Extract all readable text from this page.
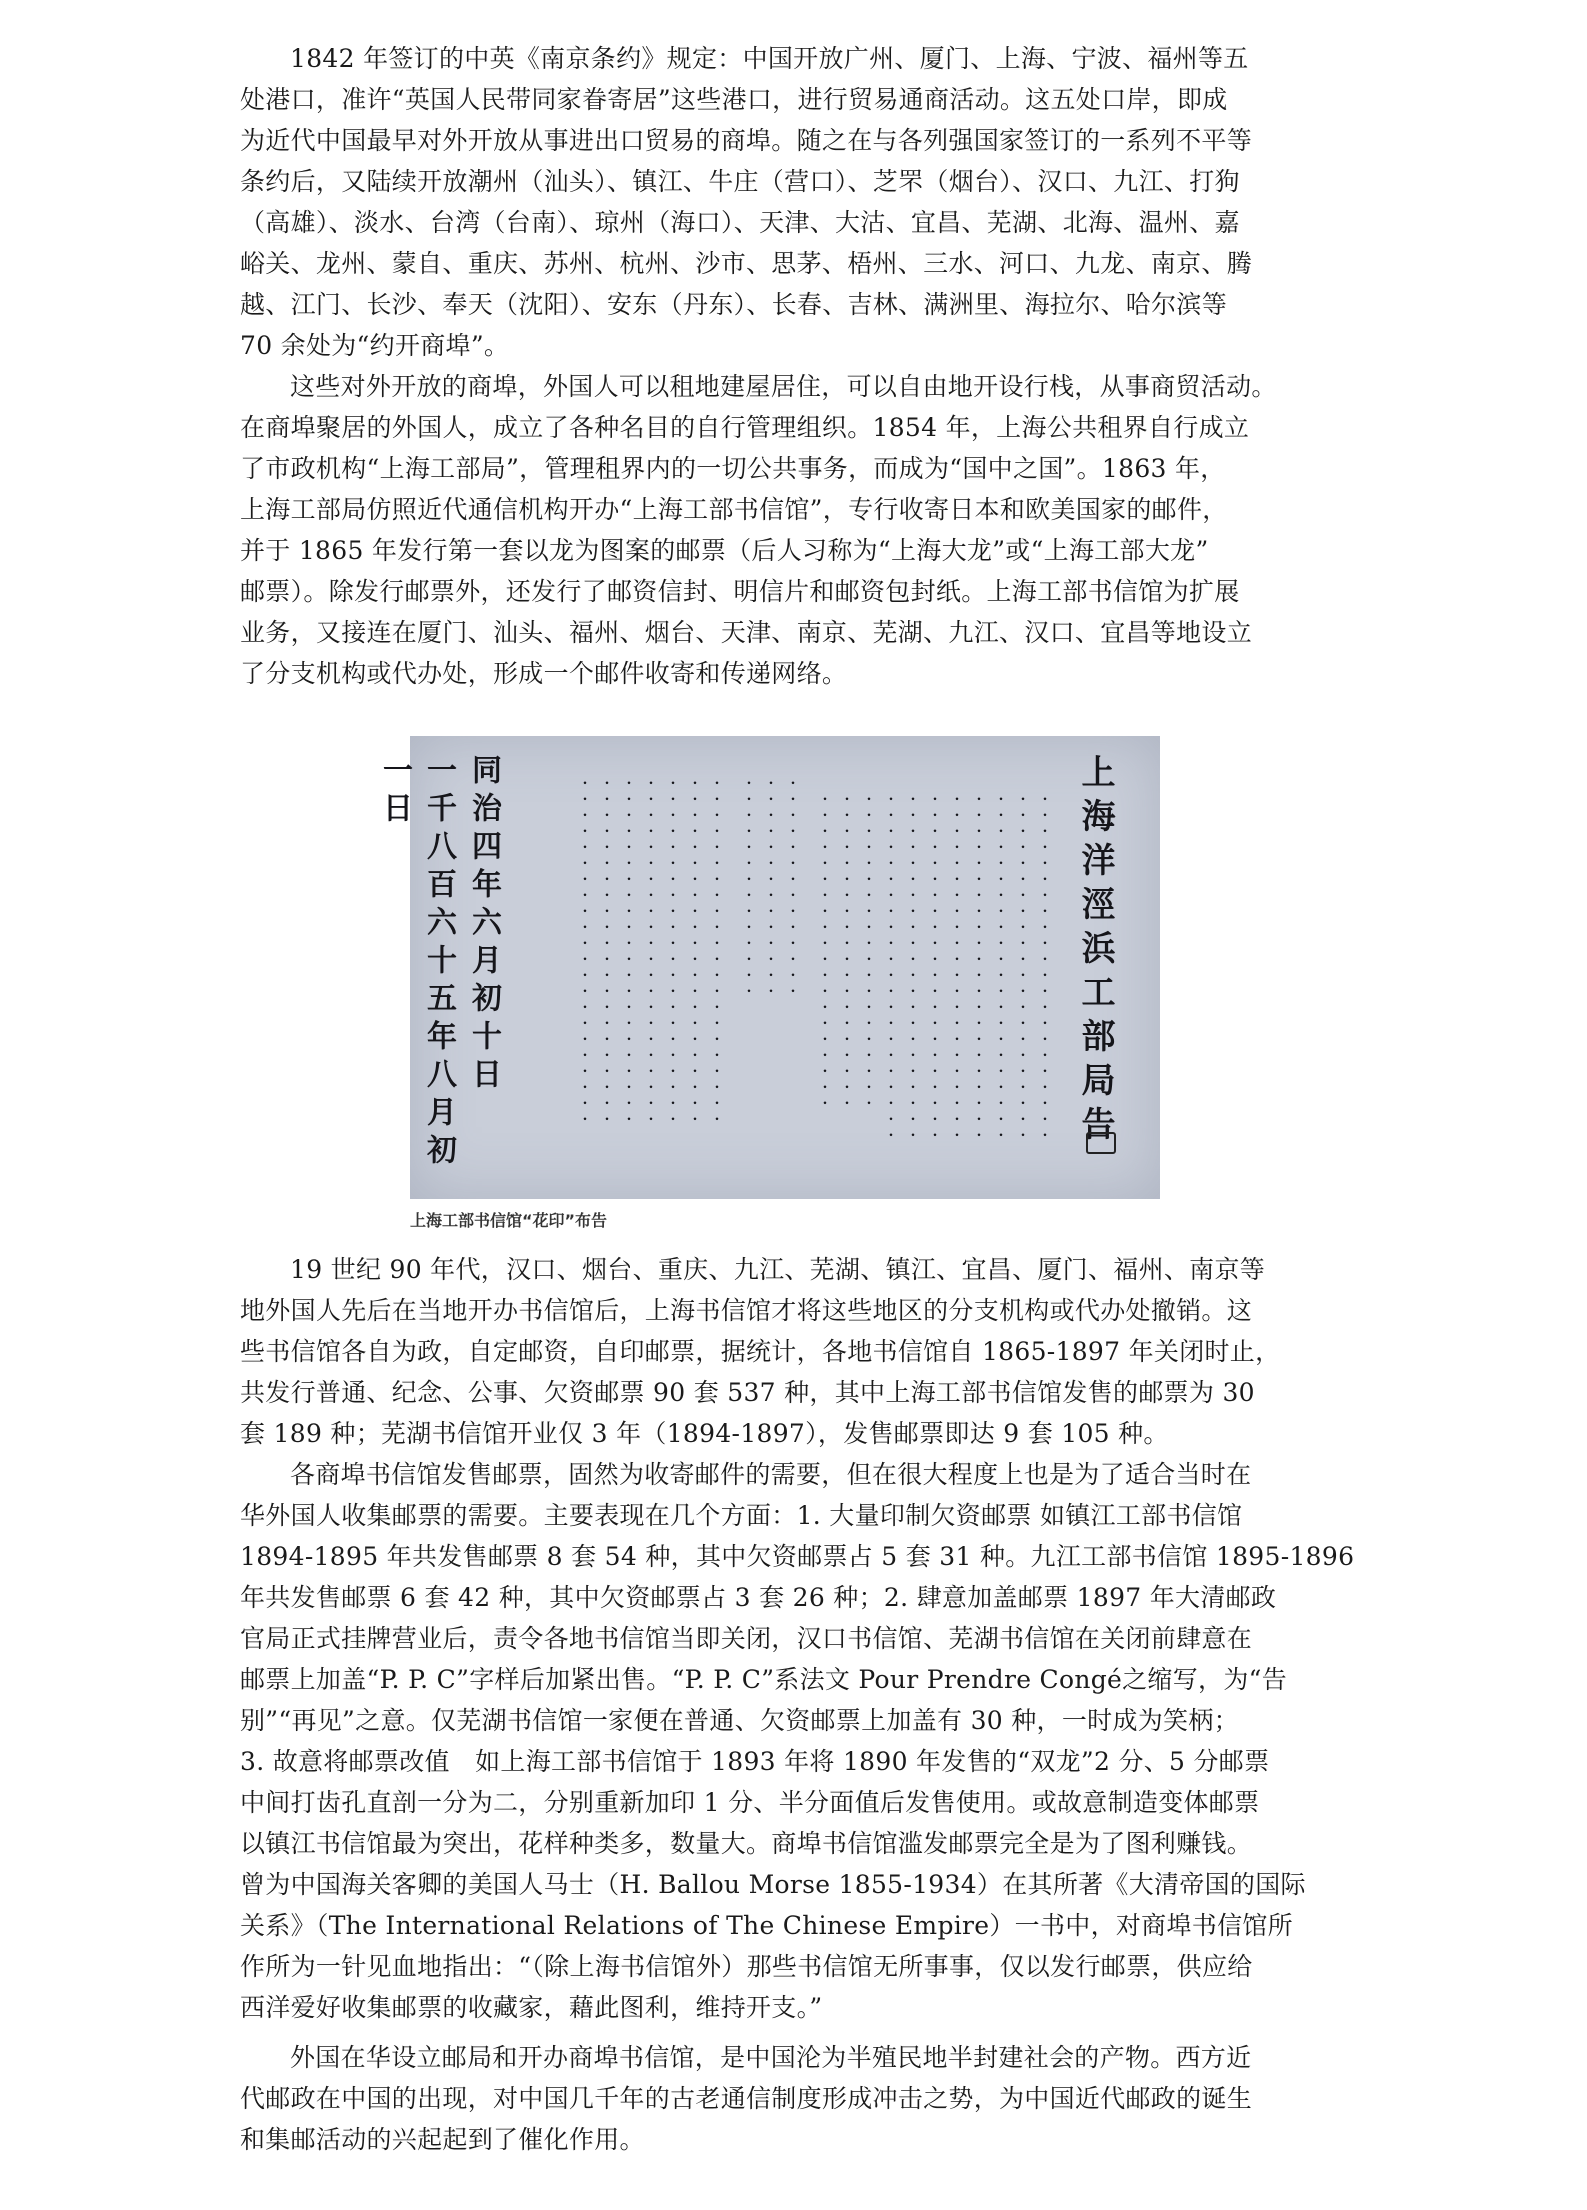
1842 年签订的中英《南京条约》规定：中国开放广州、厦门、上海、宁波、福州等五
处港口，准许“英国人民带同家眷寄居”这些港口，进行贸易通商活动。这五处口岸，即成
为近代中国最早对外开放从事进出口贸易的商埠。随之在与各列强国家签订的一系列不平等
条约后，又陆续开放潮州（汕头）、镇江、牛庄（营口）、芝罘（烟台）、汉口、九江、打狗
（高雄）、淡水、台湾（台南）、琼州（海口）、天津、大沽、宜昌、芜湖、北海、温州、嘉
峪关、龙州、蒙自、重庆、苏州、杭州、沙市、思茅、梧州、三水、河口、九龙、南京、腾
越、江门、长沙、奉天（沈阳）、安东（丹东）、长春、吉林、满洲里、海拉尔、哈尔滨等
70 余处为“约开商埠”。
这些对外开放的商埠，外国人可以租地建屋居住，可以自由地开设行栈，从事商贸活动。
在商埠聚居的外国人，成立了各种名目的自行管理组织。1854 年，上海公共租界自行成立
了市政机构“上海工部局”，管理租界内的一切公共事务，而成为“国中之国”。1863 年，
上海工部局仿照近代通信机构开办“上海工部书信馆”，专行收寄日本和欧美国家的邮件，
并于 1865 年发行第一套以龙为图案的邮票（后人习称为“上海大龙”或“上海工部大龙”
邮票）。除发行邮票外，还发行了邮资信封、明信片和邮资包封纸。上海工部书信馆为扩展
业务，又接连在厦门、汕头、福州、烟台、天津、南京、芜湖、九江、汉口、宜昌等地设立
了分支机构或代办处，形成一个邮件收寄和传递网络。
上海洋涇浜工部局告
　　・・・・・・・・・・・・・・・・・・・・・・
　　・・・・・・・・・・・・・・・・・・・・・・
　　・・・・・・・・・・・・・・・・・・・・・・
　　・・・・・・・・・・・・・・・・・・・・・・
　　・・・・・・・・・・・・・・・・・・・・・・
　　・・・・・・・・・・・・・・・・・・・・・・
　　・・・・・・・・・・・・・・・・・・・・・・
　　・・・・・・・・・・・・・・・・・・・・・・
　　・・・・・・・・・・・・・・・・・・・・
　　・・・・・・・・・・・・・・・・・・・・
　　・・・・・・・・・・・・・・・・・・・・
　・・・・・・・・・・・・・・
　・・・・・・・・・・・・・・
　・・・・・・・・・・・・・・
　・・・・・・・・・・・・・・・・・・・・・・
　・・・・・・・・・・・・・・・・・・・・・・
　・・・・・・・・・・・・・・・・・・・・・・
　・・・・・・・・・・・・・・・・・・・・・・
　・・・・・・・・・・・・・・・・・・・・・・
　・・・・・・・・・・・・・・・・・・・・・・
　・・・・・・・・・・・・・・・・・・・・・・
同治四年六月初十日
一千八百六十五年八月初一日
上海工部书信馆“花印”布告
19 世纪 90 年代，汉口、烟台、重庆、九江、芜湖、镇江、宜昌、厦门、福州、南京等
地外国人先后在当地开办书信馆后，上海书信馆才将这些地区的分支机构或代办处撤销。这
些书信馆各自为政，自定邮资，自印邮票，据统计，各地书信馆自 1865-1897 年关闭时止，
共发行普通、纪念、公事、欠资邮票 90 套 537 种，其中上海工部书信馆发售的邮票为 30
套 189 种；芜湖书信馆开业仅 3 年（1894-1897），发售邮票即达 9 套 105 种。
各商埠书信馆发售邮票，固然为收寄邮件的需要，但在很大程度上也是为了适合当时在
华外国人收集邮票的需要。主要表现在几个方面：1. 大量印制欠资邮票 如镇江工部书信馆
1894-1895 年共发售邮票 8 套 54 种，其中欠资邮票占 5 套 31 种。九江工部书信馆 1895-1896
年共发售邮票 6 套 42 种，其中欠资邮票占 3 套 26 种；2. 肆意加盖邮票 1897 年大清邮政
官局正式挂牌营业后，责令各地书信馆当即关闭，汉口书信馆、芜湖书信馆在关闭前肆意在
邮票上加盖“P. P. C”字样后加紧出售。“P. P. C”系法文 Pour Prendre Congé之缩写，为“告
别”“再见”之意。仅芜湖书信馆一家便在普通、欠资邮票上加盖有 30 种，一时成为笑柄；
3. 故意将邮票改值　如上海工部书信馆于 1893 年将 1890 年发售的“双龙”2 分、5 分邮票
中间打齿孔直剖一分为二，分别重新加印 1 分、半分面值后发售使用。或故意制造变体邮票
以镇江书信馆最为突出，花样种类多，数量大。商埠书信馆滥发邮票完全是为了图利赚钱。
曾为中国海关客卿的美国人马士（H. Ballou Morse 1855-1934）在其所著《大清帝国的国际
关系》（The International Relations of The Chinese Empire）一书中，对商埠书信馆所
作所为一针见血地指出：“（除上海书信馆外）那些书信馆无所事事，仅以发行邮票，供应给
西洋爱好收集邮票的收藏家，藉此图利，维持开支。”
外国在华设立邮局和开办商埠书信馆，是中国沦为半殖民地半封建社会的产物。西方近
代邮政在中国的出现，对中国几千年的古老通信制度形成冲击之势，为中国近代邮政的诞生
和集邮活动的兴起起到了催化作用。
